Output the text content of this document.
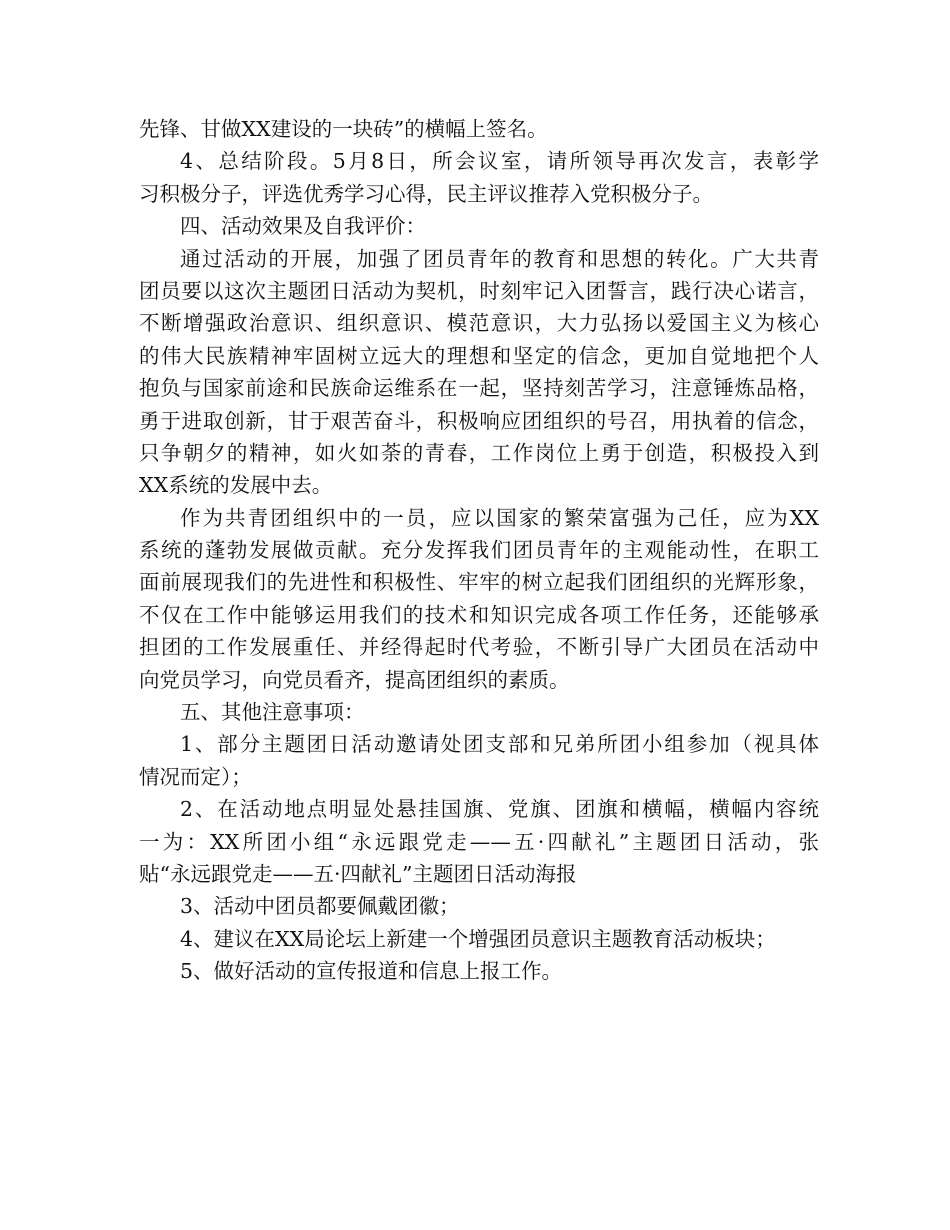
先锋、甘做XX建设的一块砖”的横幅上签名。
4、总结阶段。5月8日，所会议室，请所领导再次发言，表彰学
习积极分子，评选优秀学习心得，民主评议推荐入党积极分子。
四、活动效果及自我评价：
通过活动的开展，加强了团员青年的教育和思想的转化。广大共青
团员要以这次主题团日活动为契机，时刻牢记入团誓言，践行决心诺言，
不断增强政治意识、组织意识、模范意识，大力弘扬以爱国主义为核心
的伟大民族精神牢固树立远大的理想和坚定的信念，更加自觉地把个人
抱负与国家前途和民族命运维系在一起，坚持刻苦学习，注意锤炼品格，
勇于进取创新，甘于艰苦奋斗，积极响应团组织的号召，用执着的信念，
只争朝夕的精神，如火如荼的青春，工作岗位上勇于创造，积极投入到
XX系统的发展中去。
作为共青团组织中的一员，应以国家的繁荣富强为己任，应为XX
系统的蓬勃发展做贡献。充分发挥我们团员青年的主观能动性，在职工
面前展现我们的先进性和积极性、牢牢的树立起我们团组织的光辉形象，
不仅在工作中能够运用我们的技术和知识完成各项工作任务，还能够承
担团的工作发展重任、并经得起时代考验，不断引导广大团员在活动中
向党员学习，向党员看齐，提高团组织的素质。
五、其他注意事项：
1、部分主题团日活动邀请处团支部和兄弟所团小组参加（视具体
情况而定）；
2、在活动地点明显处悬挂国旗、党旗、团旗和横幅，横幅内容统
一为：XX所团小组“永远跟党走——五·四献礼”主题团日活动，张
贴“永远跟党走——五·四献礼”主题团日活动海报
3、活动中团员都要佩戴团徽；
4、建议在XX局论坛上新建一个增强团员意识主题教育活动板块；
5、做好活动的宣传报道和信息上报工作。
